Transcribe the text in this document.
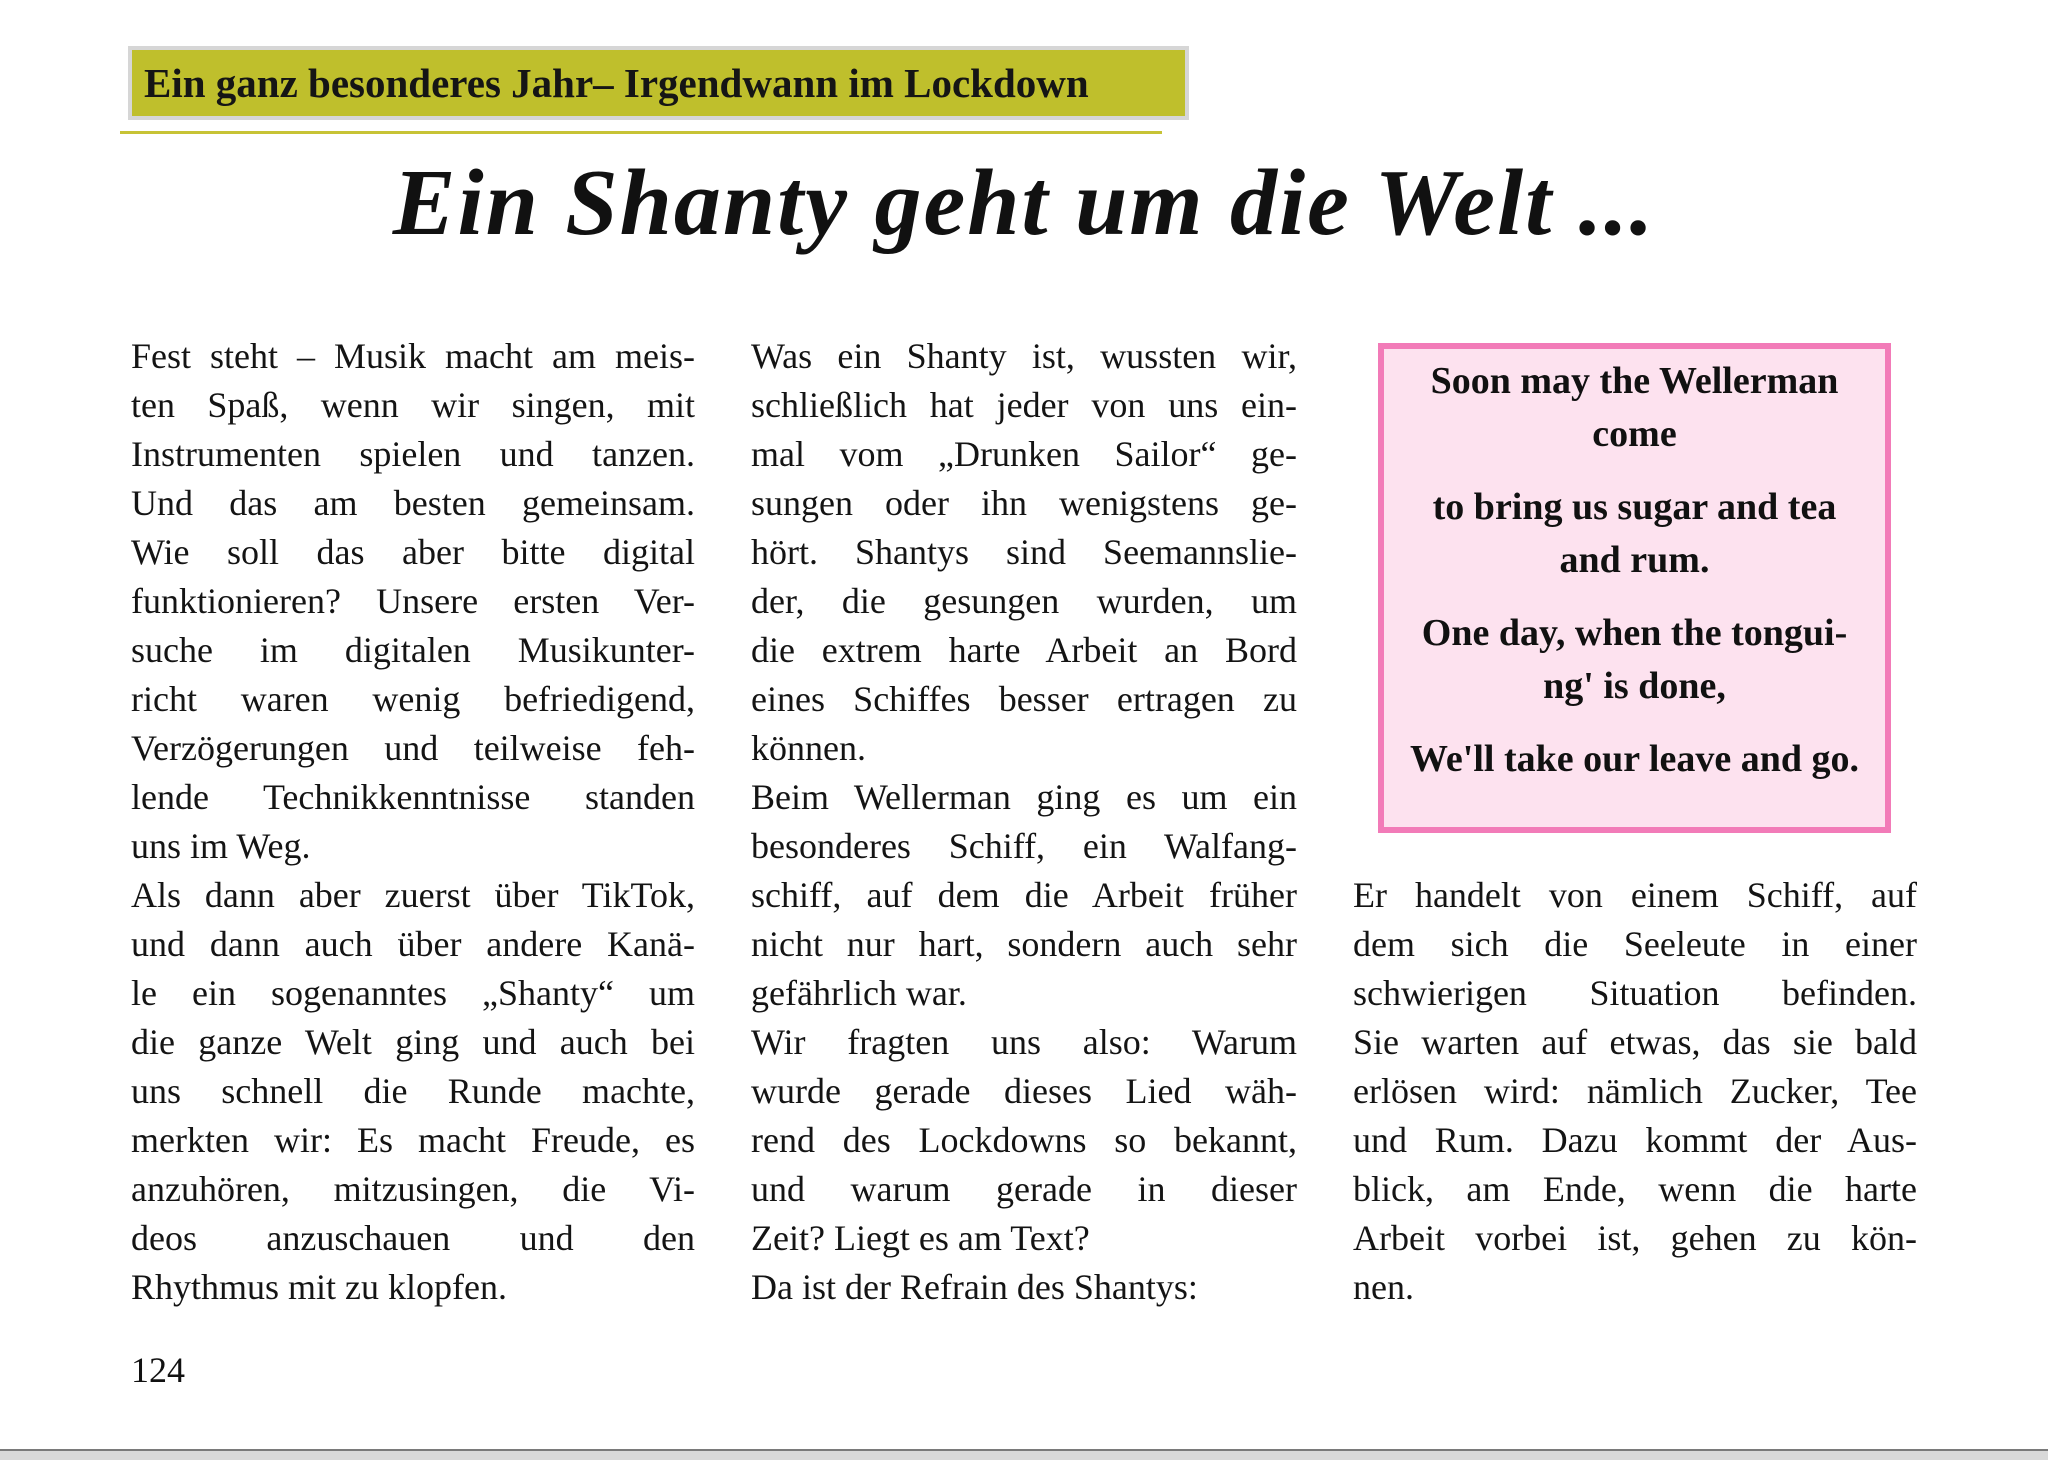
Ein ganz besonderes Jahr– Irgendwann im Lockdown
Ein Shanty geht um die Welt ...
Fest steht – Musik macht am meis-
ten Spaß, wenn wir singen, mit
Instrumenten spielen und tanzen.
Und das am besten gemeinsam.
Wie soll das aber bitte digital
funktionieren? Unsere ersten Ver-
suche im digitalen Musikunter-
richt waren wenig befriedigend,
Verzögerungen und teilweise feh-
lende Technikkenntnisse standen
uns im Weg.
Als dann aber zuerst über TikTok,
und dann auch über andere Kanä-
le ein sogenanntes „Shanty“ um
die ganze Welt ging und auch bei
uns schnell die Runde machte,
merkten wir: Es macht Freude, es
anzuhören, mitzusingen, die Vi-
deos anzuschauen und den
Rhythmus mit zu klopfen.
Was ein Shanty ist, wussten wir,
schließlich hat jeder von uns ein-
mal vom „Drunken Sailor“ ge-
sungen oder ihn wenigstens ge-
hört. Shantys sind Seemannslie-
der, die gesungen wurden, um
die extrem harte Arbeit an Bord
eines Schiffes besser ertragen zu
können.
Beim Wellerman ging es um ein
besonderes Schiff, ein Walfang-
schiff, auf dem die Arbeit früher
nicht nur hart, sondern auch sehr
gefährlich war.
Wir fragten uns also: Warum
wurde gerade dieses Lied wäh-
rend des Lockdowns so bekannt,
und warum gerade in dieser
Zeit? Liegt es am Text?
Da ist der Refrain des Shantys:
Soon may the Wellerman
come
to bring us sugar and tea
and rum.
One day, when the tongui-
ng' is done,
We'll take our leave and go.
Er handelt von einem Schiff, auf
dem sich die Seeleute in einer
schwierigen Situation befinden.
Sie warten auf etwas, das sie bald
erlösen wird: nämlich Zucker, Tee
und Rum. Dazu kommt der Aus-
blick, am Ende, wenn die harte
Arbeit vorbei ist, gehen zu kön-
nen.
124
